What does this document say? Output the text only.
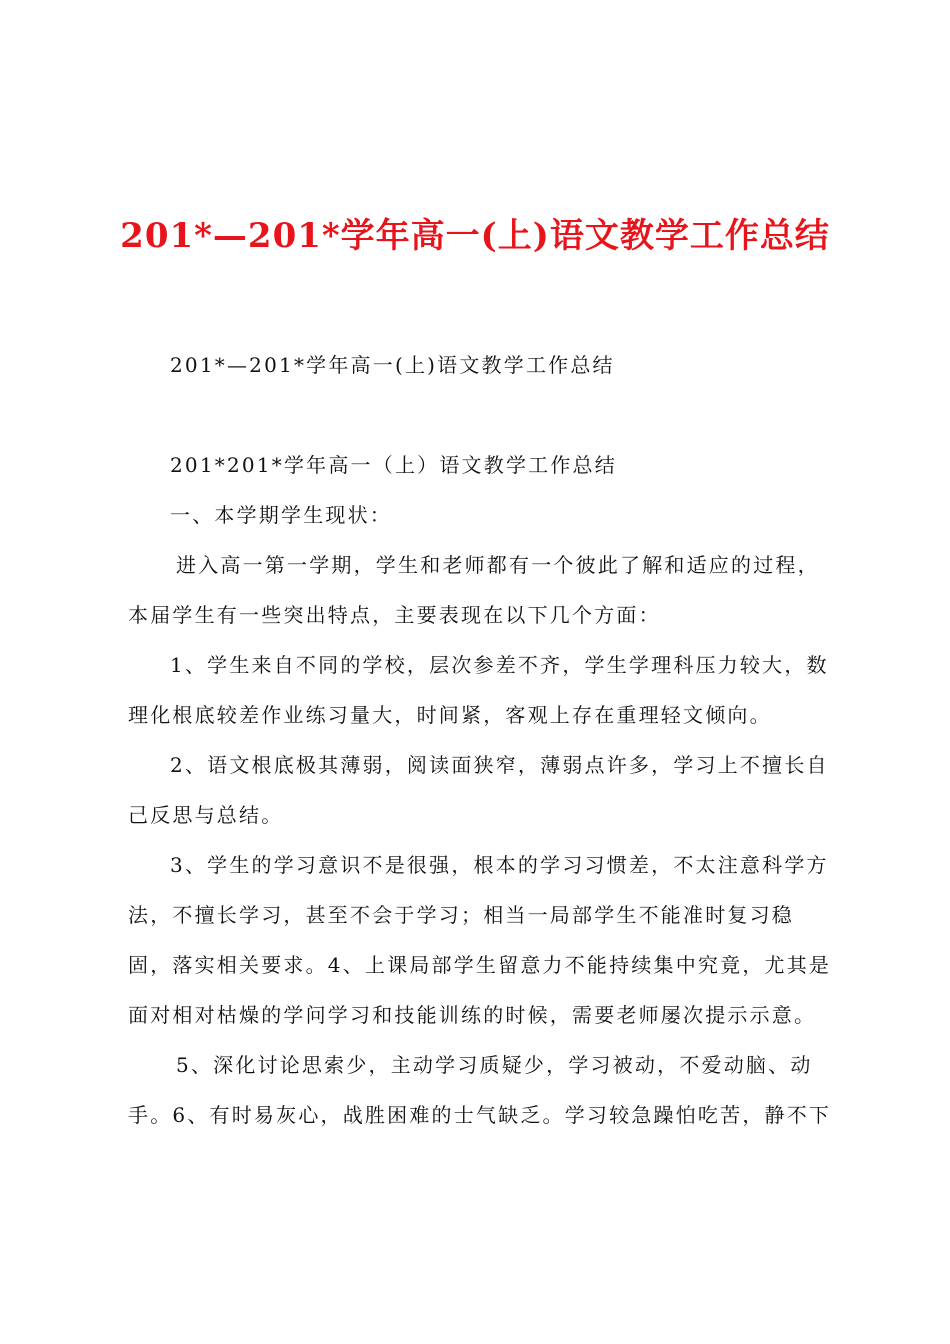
201*—201*学年高一(上)语文教学工作总结
201*—201*学年高一(上)语文教学工作总结
201*201*学年高一（上）语文教学工作总结
一、本学期学生现状：
进入高一第一学期，学生和老师都有一个彼此了解和适应的过程，
本届学生有一些突出特点，主要表现在以下几个方面：
1、学生来自不同的学校，层次参差不齐，学生学理科压力较大，数
理化根底较差作业练习量大，时间紧，客观上存在重理轻文倾向。
2、语文根底极其薄弱，阅读面狭窄，薄弱点许多，学习上不擅长自
己反思与总结。
3、学生的学习意识不是很强，根本的学习习惯差，不太注意科学方
法，不擅长学习，甚至不会于学习；相当一局部学生不能准时复习稳
固，落实相关要求。4、上课局部学生留意力不能持续集中究竟，尤其是
面对相对枯燥的学问学习和技能训练的时候，需要老师屡次提示示意。
5、深化讨论思索少，主动学习质疑少，学习被动，不爱动脑、动
手。6、有时易灰心，战胜困难的士气缺乏。学习较急躁怕吃苦，静不下
